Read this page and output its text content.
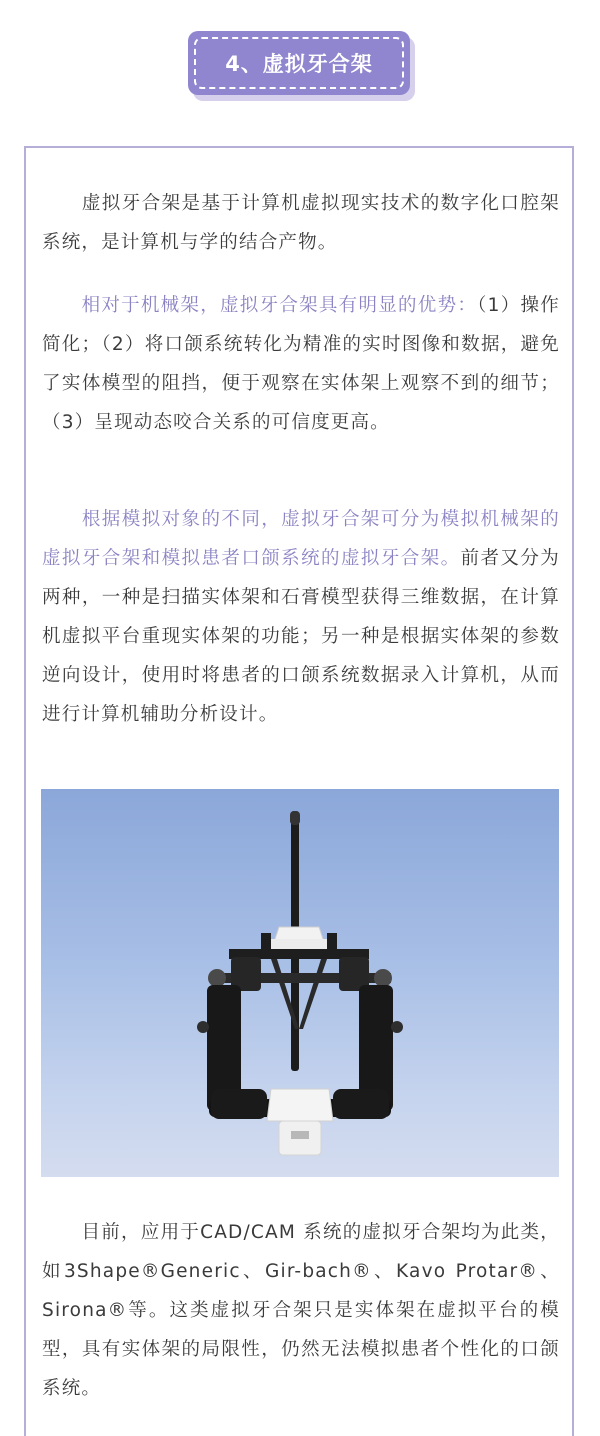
4、虚拟牙合架

　　虚拟牙合架是基于计算机虚拟现实技术的数字化口腔架系统，是计算机与学的结合产物。

　　相对于机械架，虚拟牙合架具有明显的优势：（1）操作简化；（2）将口颌系统转化为精准的实时图像和数据，避免了实体模型的阻挡，便于观察在实体架上观察不到的细节；（3）呈现动态咬合关系的可信度更高。

　　根据模拟对象的不同，虚拟牙合架可分为模拟机械架的虚拟牙合架和模拟患者口颌系统的虚拟牙合架。前者又分为两种，一种是扫描实体架和石膏模型获得三维数据，在计算机虚拟平台重现实体架的功能；另一种是根据实体架的参数逆向设计，使用时将患者的口颌系统数据录入计算机，从而进行计算机辅助分析设计。

　　目前，应用于CAD/CAM 系统的虚拟牙合架均为此类，如3Shape®Generic、Gir-bach®、Kavo Protar®、Sirona®等。这类虚拟牙合架只是实体架在虚拟平台的模型，具有实体架的局限性，仍然无法模拟患者个性化的口颌系统。
